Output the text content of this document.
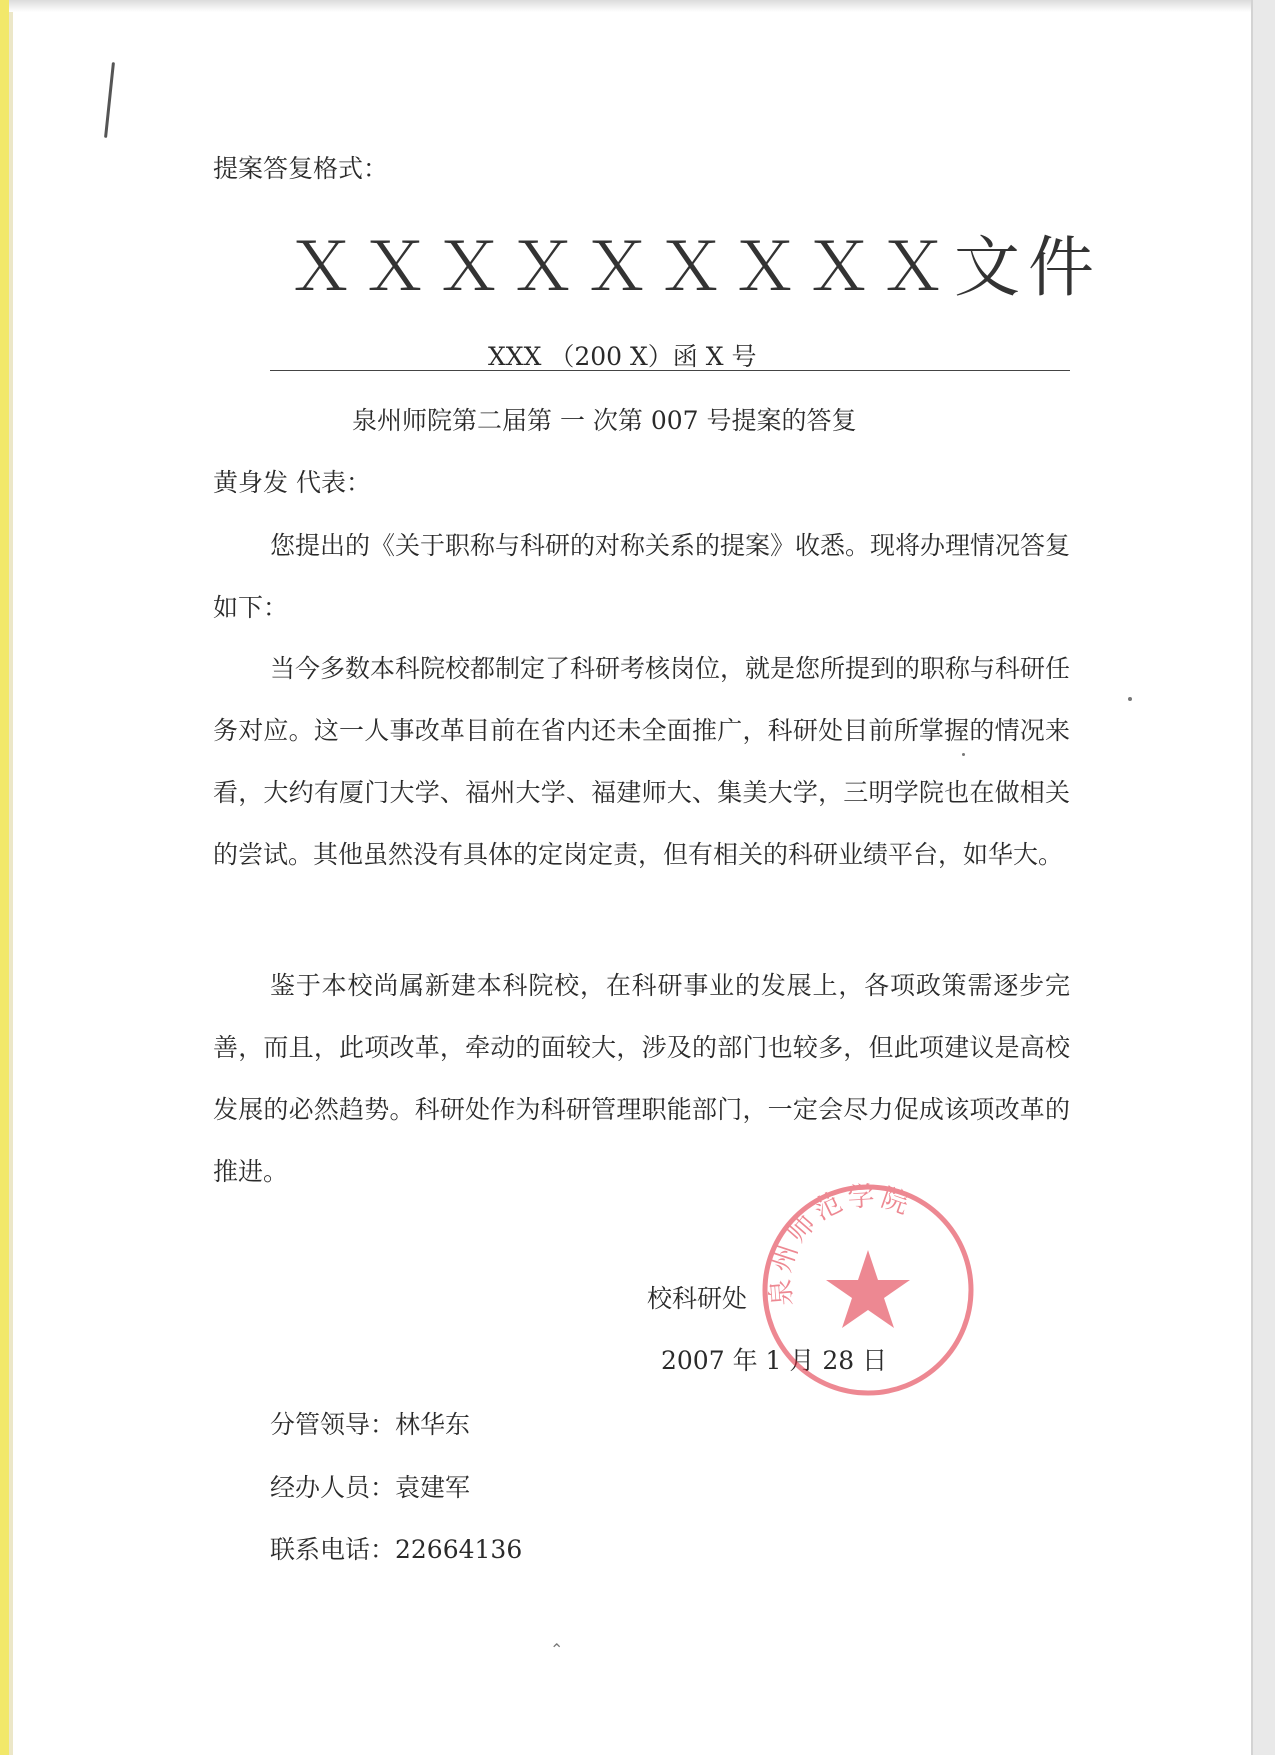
提案答复格式：
ＸＸＸＸＸＸＸＸＸ文件
XXX （200 X）函 X 号
泉州师院第二届第 一 次第 007 号提案的答复
黄身发 代表：
您提出的《关于职称与科研的对称关系的提案》收悉。现将办理情况答复如下：
当今多数本科院校都制定了科研考核岗位，就是您所提到的职称与科研任务对应。这一人事改革目前在省内还未全面推广，科研处目前所掌握的情况来看，大约有厦门大学、福州大学、福建师大、集美大学，三明学院也在做相关的尝试。其他虽然没有具体的定岗定责，但有相关的科研业绩平台，如华大。
鉴于本校尚属新建本科院校，在科研事业的发展上，各项政策需逐步完善，而且，此项改革，牵动的面较大，涉及的部门也较多，但此项建议是高校发展的必然趋势。科研处作为科研管理职能部门，一定会尽力促成该项改革的推进。
校科研处
2007 年 1 月 28 日
泉州师范学院
分管领导：林华东
经办人员：袁建军
联系电话：22664136
⌃
